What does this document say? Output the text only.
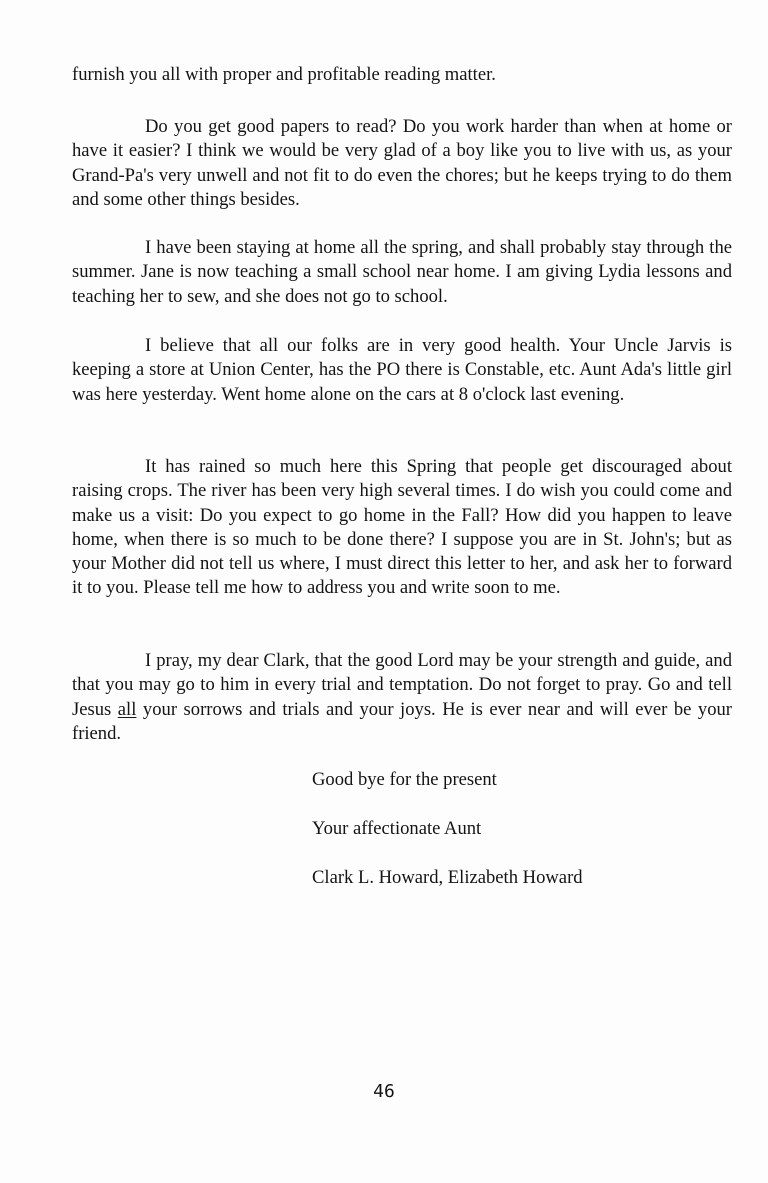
furnish you all with proper and profitable reading matter.

Do you get good papers to read? Do you work harder than when at home or have it easier? I think we would be very glad of a boy like you to live with us, as your Grand-Pa's very unwell and not fit to do even the chores; but he keeps trying to do them and some other things besides.

I have been staying at home all the spring, and shall probably stay through the summer. Jane is now teaching a small school near home. I am giving Lydia lessons and teaching her to sew, and she does not go to school.

I believe that all our folks are in very good health. Your Uncle Jarvis is keeping a store at Union Center, has the PO there is Constable, etc. Aunt Ada's little girl was here yesterday. Went home alone on the cars at 8 o'clock last evening.

It has rained so much here this Spring that people get discouraged about raising crops. The river has been very high several times. I do wish you could come and make us a visit: Do you expect to go home in the Fall? How did you happen to leave home, when there is so much to be done there? I suppose you are in St. John's; but as your Mother did not tell us where, I must direct this letter to her, and ask her to forward it to you. Please tell me how to address you and write soon to me.

I pray, my dear Clark, that the good Lord may be your strength and guide, and that you may go to him in every trial and temptation. Do not forget to pray. Go and tell Jesus all your sorrows and trials and your joys. He is ever near and will ever be your friend.

Good bye for the present

Your affectionate Aunt

Clark L. Howard, Elizabeth Howard

46
